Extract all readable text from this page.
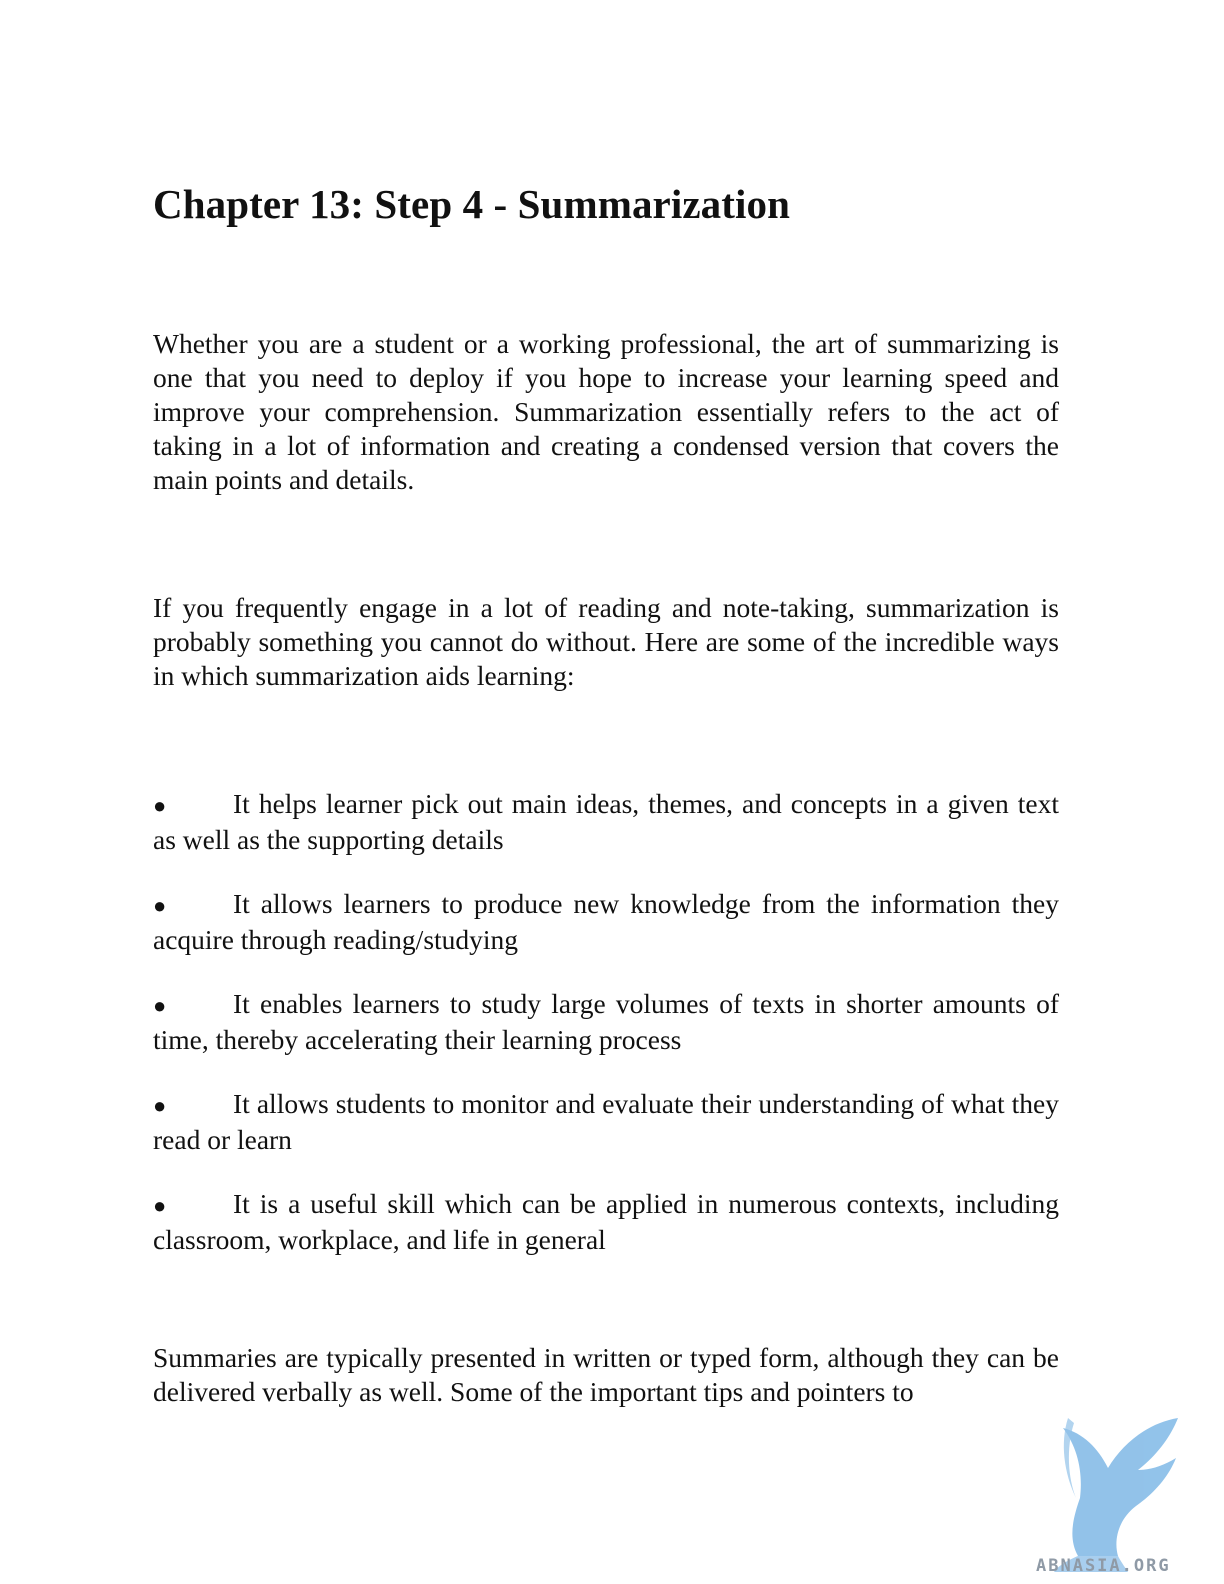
Chapter 13: Step 4 - Summarization

Whether you are a student or a working professional, the art of summarizing is one that you need to deploy if you hope to increase your learning speed and improve your comprehension. Summarization essentially refers to the act of taking in a lot of information and creating a condensed version that covers the main points and details.

If you frequently engage in a lot of reading and note-taking, summarization is probably something you cannot do without. Here are some of the incredible ways in which summarization aids learning:

● It helps learner pick out main ideas, themes, and concepts in a given text as well as the supporting details
● It allows learners to produce new knowledge from the information they acquire through reading/studying
● It enables learners to study large volumes of texts in shorter amounts of time, thereby accelerating their learning process
● It allows students to monitor and evaluate their understanding of what they read or learn
● It is a useful skill which can be applied in numerous contexts, including classroom, workplace, and life in general

Summaries are typically presented in written or typed form, although they can be delivered verbally as well. Some of the important tips and pointers to

ABNASIA.ORG
